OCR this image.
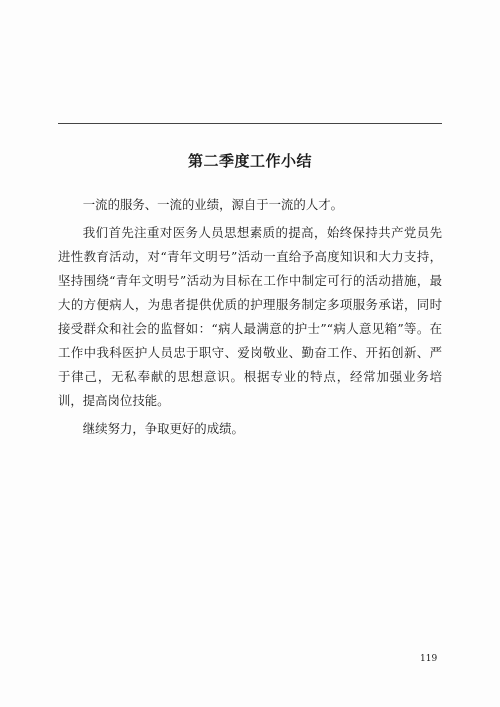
第二季度工作小结

一流的服务、一流的业绩，源自于一流的人才。

我们首先注重对医务人员思想素质的提高，始终保持共产党员先进性教育活动，对“青年文明号”活动一直给予高度知识和大力支持，坚持围绕“青年文明号”活动为目标在工作中制定可行的活动措施，最大的方便病人，为患者提供优质的护理服务制定多项服务承诺，同时接受群众和社会的监督如：“病人最满意的护士”“病人意见箱”等。在工作中我科医护人员忠于职守、爱岗敬业、勤奋工作、开拓创新、严于律己，无私奉献的思想意识。根据专业的特点，经常加强业务培训，提高岗位技能。

继续努力，争取更好的成绩。

119
